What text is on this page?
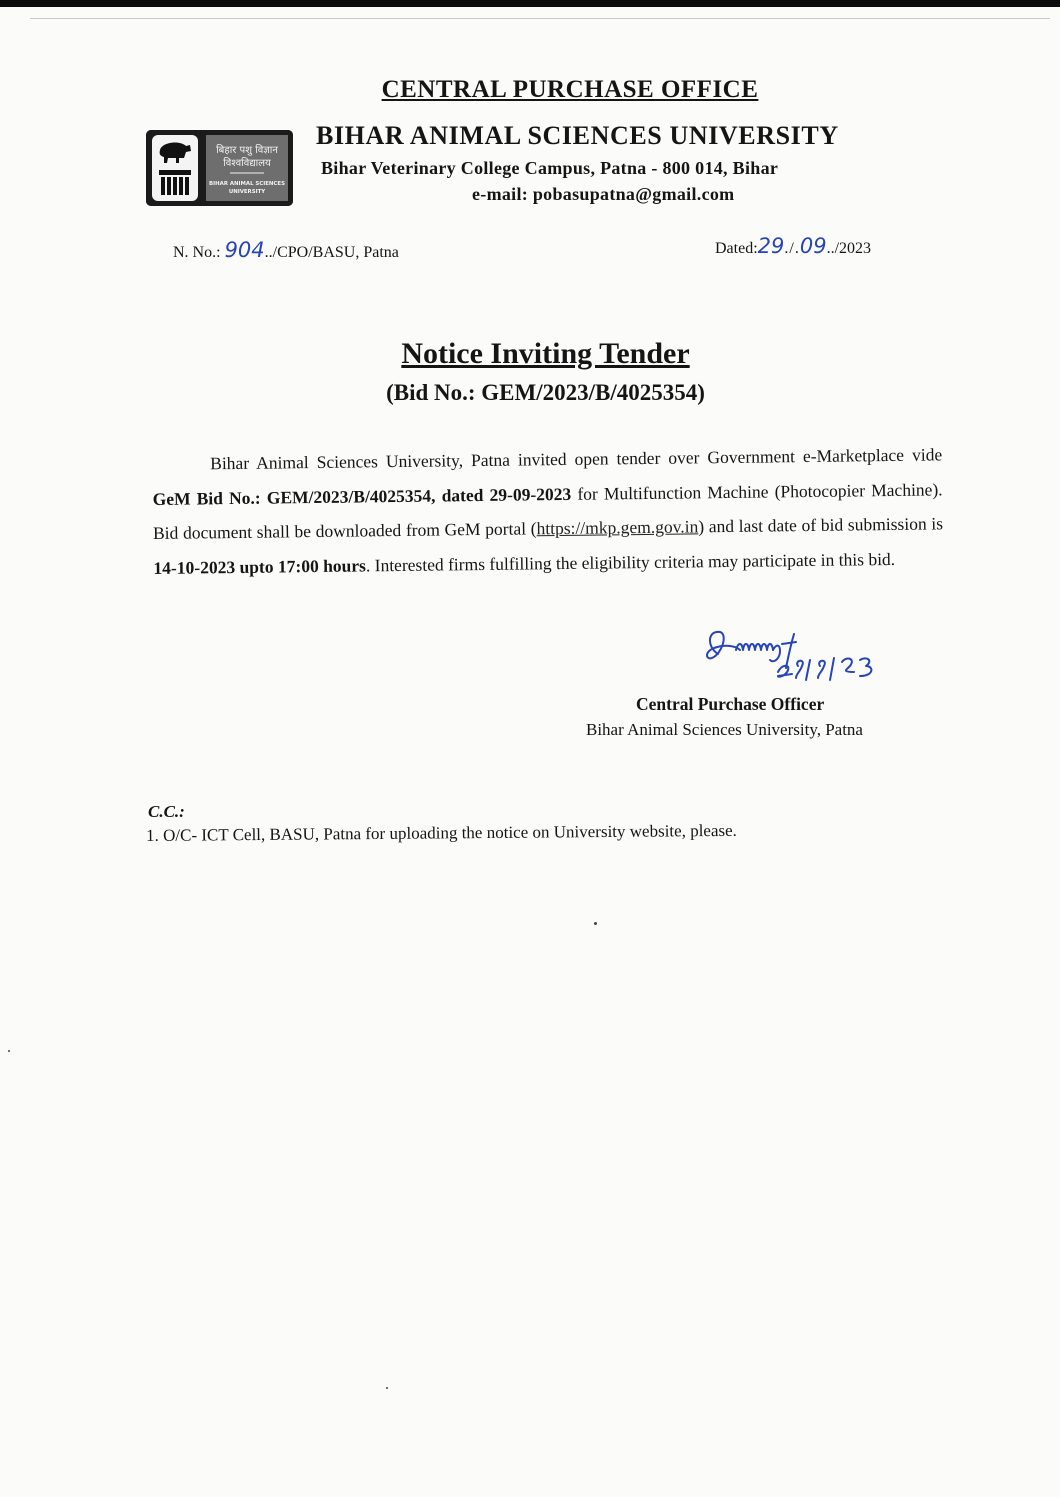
CENTRAL PURCHASE OFFICE
बिहार पशु विज्ञान
विश्वविद्यालय
BIHAR ANIMAL SCIENCES
UNIVERSITY
BIHAR ANIMAL SCIENCES UNIVERSITY
Bihar Veterinary College Campus, Patna - 800 014, Bihar
e-mail: pobasupatna@gmail.com
N. No.: 904../CPO/BASU, Patna	Dated:29./.09../2023
Notice Inviting Tender
(Bid No.: GEM/2023/B/4025354)

Bihar Animal Sciences University, Patna invited open tender over Government e-Marketplace vide GeM Bid No.: GEM/2023/B/4025354, dated 29-09-2023 for Multifunction Machine (Photocopier Machine). Bid document shall be downloaded from GeM portal (https://mkp.gem.gov.in) and last date of bid submission is 14-10-2023 upto 17:00 hours. Interested firms fulfilling the eligibility criteria may participate in this bid.

Central Purchase Officer
Bihar Animal Sciences University, Patna
C.C.:
1. O/C- ICT Cell, BASU, Patna for uploading the notice on University website, please.
